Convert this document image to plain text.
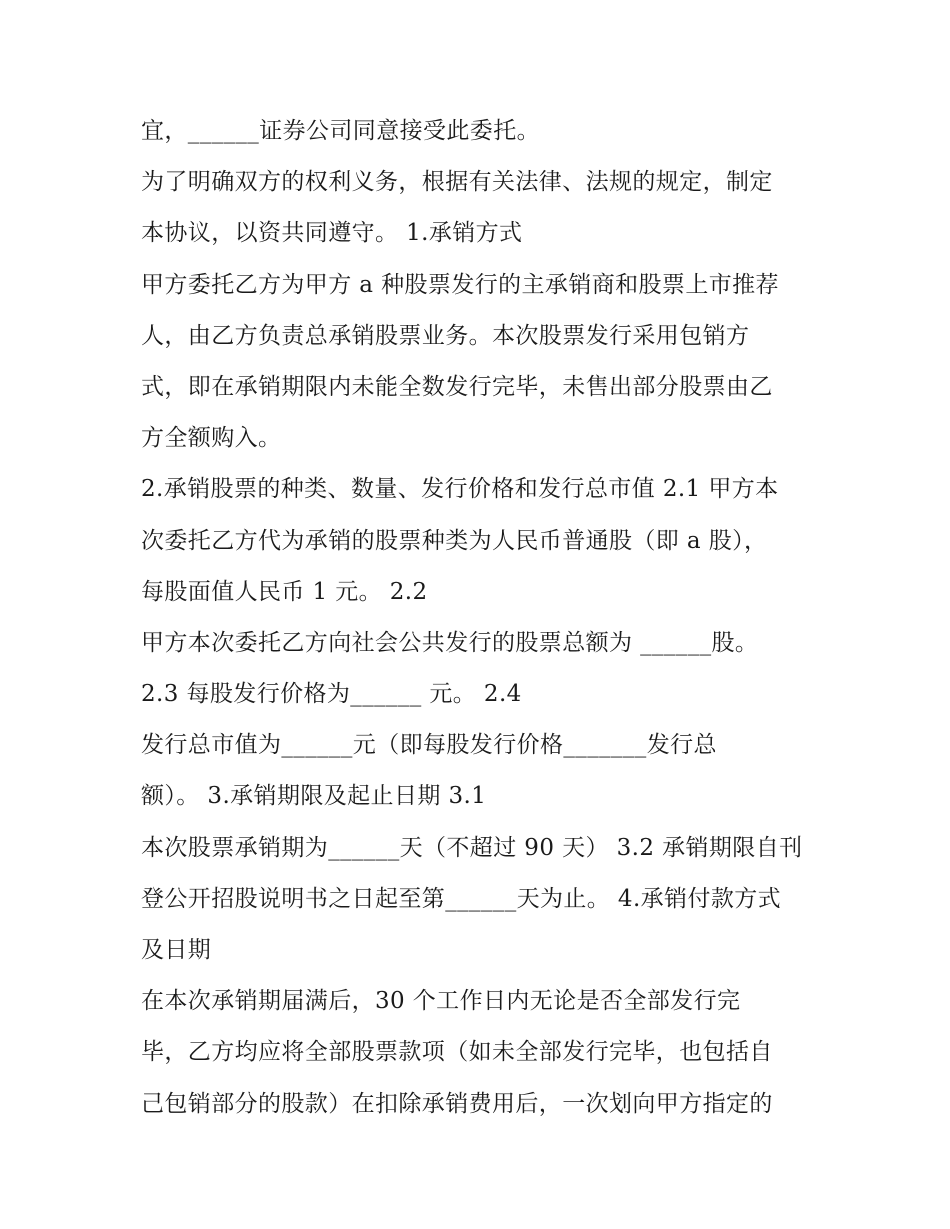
宜，______证券公司同意接受此委托。
为了明确双方的权利义务，根据有关法律、法规的规定，制定
本协议，以资共同遵守。 1.承销方式
甲方委托乙方为甲方 a 种股票发行的主承销商和股票上市推荐
人，由乙方负责总承销股票业务。本次股票发行采用包销方
式，即在承销期限内未能全数发行完毕，未售出部分股票由乙
方全额购入。
2.承销股票的种类、数量、发行价格和发行总市值 2.1 甲方本
次委托乙方代为承销的股票种类为人民币普通股（即 a 股），
每股面值人民币 1 元。 2.2
甲方本次委托乙方向社会公共发行的股票总额为 ______股。
2.3 每股发行价格为______ 元。 2.4
发行总市值为______元（即每股发行价格_______发行总
额）。 3.承销期限及起止日期 3.1
本次股票承销期为______天（不超过 90 天） 3.2 承销期限自刊
登公开招股说明书之日起至第______天为止。 4.承销付款方式
及日期
在本次承销期届满后，30 个工作日内无论是否全部发行完
毕，乙方均应将全部股票款项（如未全部发行完毕，也包括自
己包销部分的股款）在扣除承销费用后，一次划向甲方指定的
